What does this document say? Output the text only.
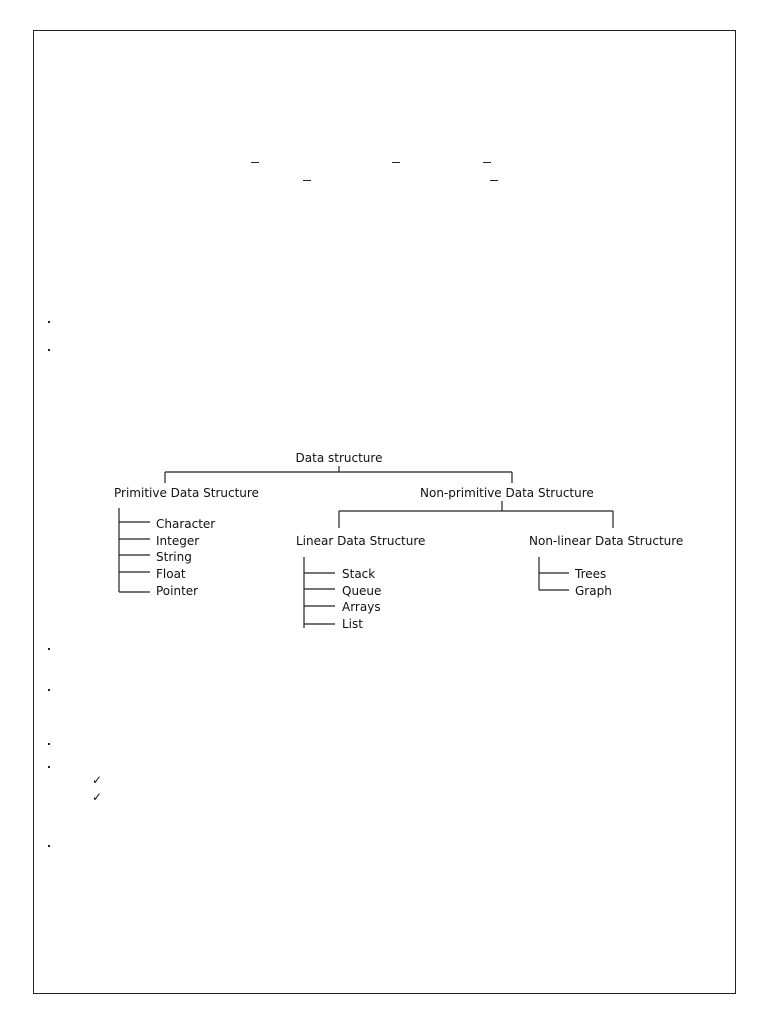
✓
✓
Data structure
Primitive Data Structure
Character
Integer
String
Float
Pointer
Non-primitive Data Structure
Linear Data Structure
Stack
Queue
Arrays
List
Non-linear Data Structure
Trees
Graph
